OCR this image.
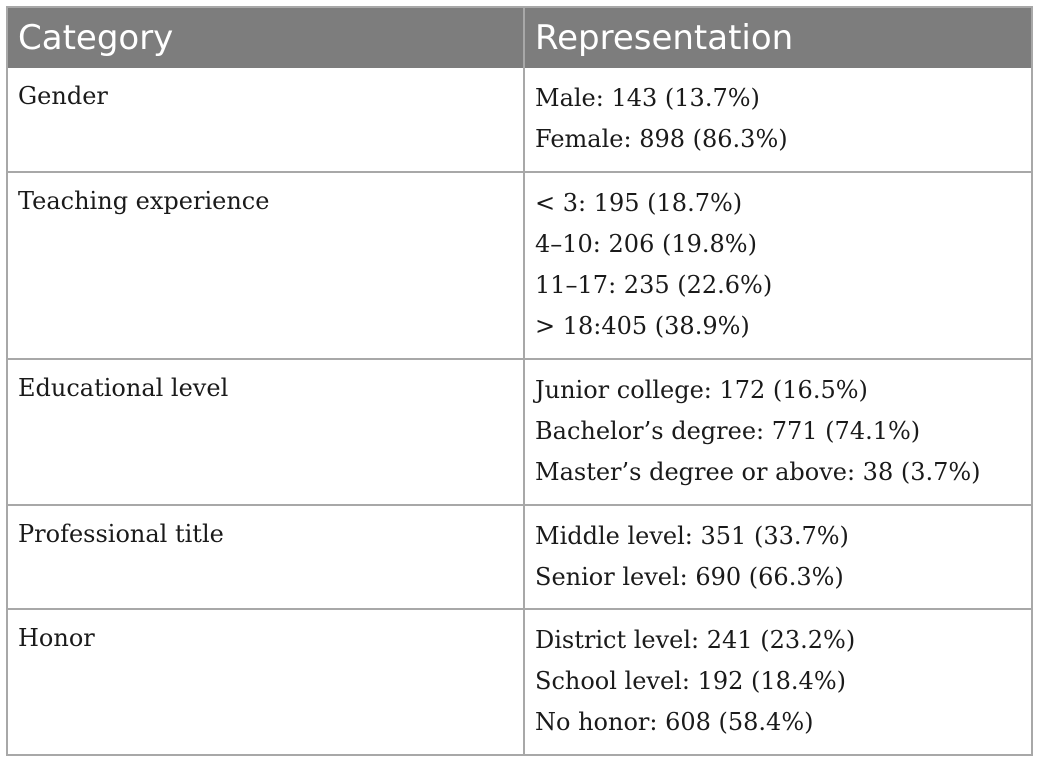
Category	Representation

Gender	Male: 143 (13.7%)
Female: 898 (86.3%)

Teaching experience	< 3: 195 (18.7%)
4–10: 206 (19.8%)
11–17: 235 (22.6%)
> 18:405 (38.9%)

Educational level	Junior college: 172 (16.5%)
Bachelor’s degree: 771 (74.1%)
Master’s degree or above: 38 (3.7%)

Professional title	Middle level: 351 (33.7%)
Senior level: 690 (66.3%)

Honor	District level: 241 (23.2%)
School level: 192 (18.4%)
No honor: 608 (58.4%)
